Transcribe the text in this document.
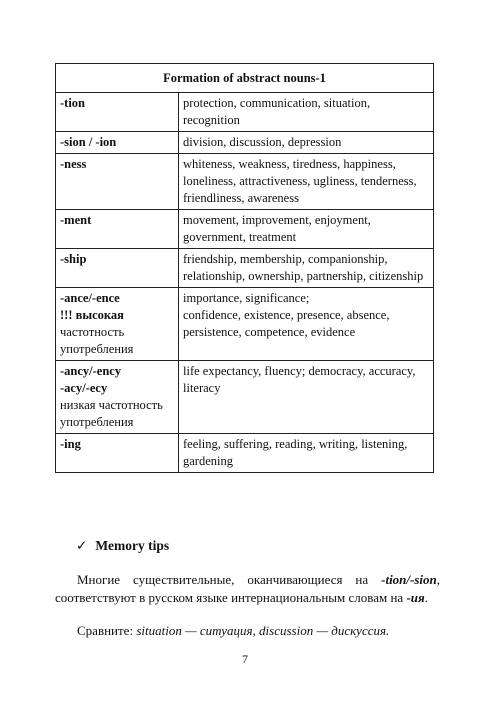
Formation of abstract nouns-1	

-tion	protection, communication, situation, recognition

-sion / -ion	division, discussion, depression

-ness	whiteness, weakness, tiredness, happiness, loneliness, attractiveness, ugliness, tenderness, friendliness, awareness

-ment	movement, improvement, enjoyment, government, treatment

-ship	friendship, membership, companionship, relationship, ownership, partnership, citizenship

-ance/-ence
!!! высокая
частотность употребления	importance, significance;
confidence, existence, presence, absence, persistence, competence, evidence

-ancy/-ency
-acy/-ecy
низкая частотность употребления	life expectancy, fluency; democracy, accuracy, literacy

-ing	feeling, suffering, reading, writing, listening, gardening
✓ Memory tips
Многие существительные, оканчивающиеся на -tion/-sion, соответствуют в русском языке интернациональным словам на -ия.
Сравните: situation — ситуация, discussion — дискуссия.
7
